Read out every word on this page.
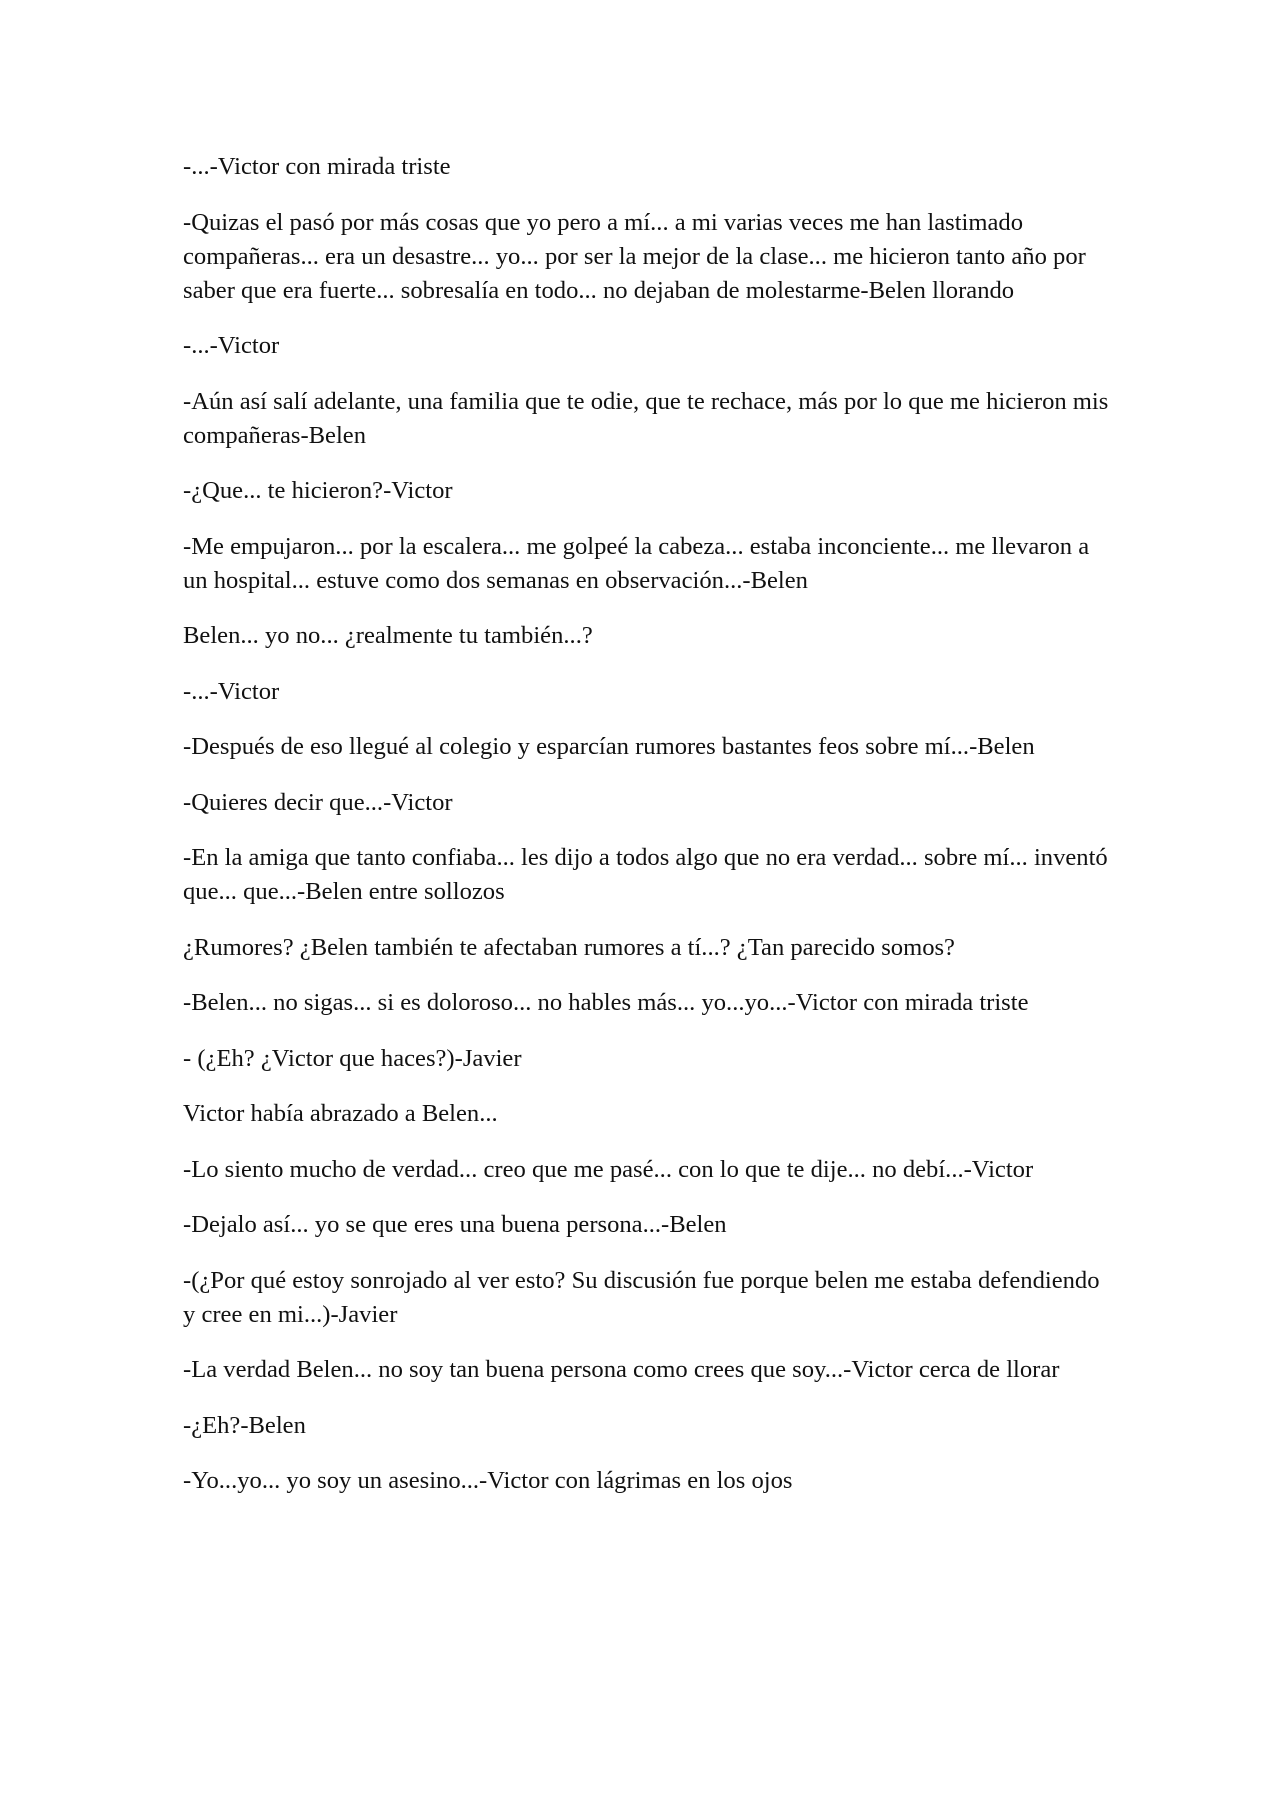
-...-Victor con mirada triste

-Quizas el pasó por más cosas que yo pero a mí... a mi varias veces me han lastimado compañeras... era un desastre... yo... por ser la mejor de la clase... me hicieron tanto año por saber que era fuerte... sobresalía en todo... no dejaban de molestarme-Belen llorando

-...-Victor

-Aún así salí adelante, una familia que te odie, que te rechace, más por lo que me hicieron mis compañeras-Belen

-¿Que... te hicieron?-Victor

-Me empujaron... por la escalera... me golpeé la cabeza... estaba inconciente... me llevaron a un hospital... estuve como dos semanas en observación...-Belen

Belen... yo no... ¿realmente tu también...?

-...-Victor

-Después de eso llegué al colegio y esparcían rumores bastantes feos sobre mí...-Belen

-Quieres decir que...-Victor

-En la amiga que tanto confiaba... les dijo a todos algo que no era verdad... sobre mí... inventó que... que...-Belen entre sollozos

¿Rumores? ¿Belen también te afectaban rumores a tí...? ¿Tan parecido somos?

-Belen... no sigas... si es doloroso... no hables más... yo...yo...-Victor con mirada triste

- (¿Eh? ¿Victor que haces?)-Javier

Victor había abrazado a Belen...

-Lo siento mucho de verdad... creo que me pasé... con lo que te dije... no debí...-Victor

-Dejalo así... yo se que eres una buena persona...-Belen

-(¿Por qué estoy sonrojado al ver esto? Su discusión fue porque belen me estaba defendiendo y cree en mi...)-Javier

-La verdad Belen... no soy tan buena persona como crees que soy...-Victor cerca de llorar

-¿Eh?-Belen

-Yo...yo... yo soy un asesino...-Victor con lágrimas en los ojos
